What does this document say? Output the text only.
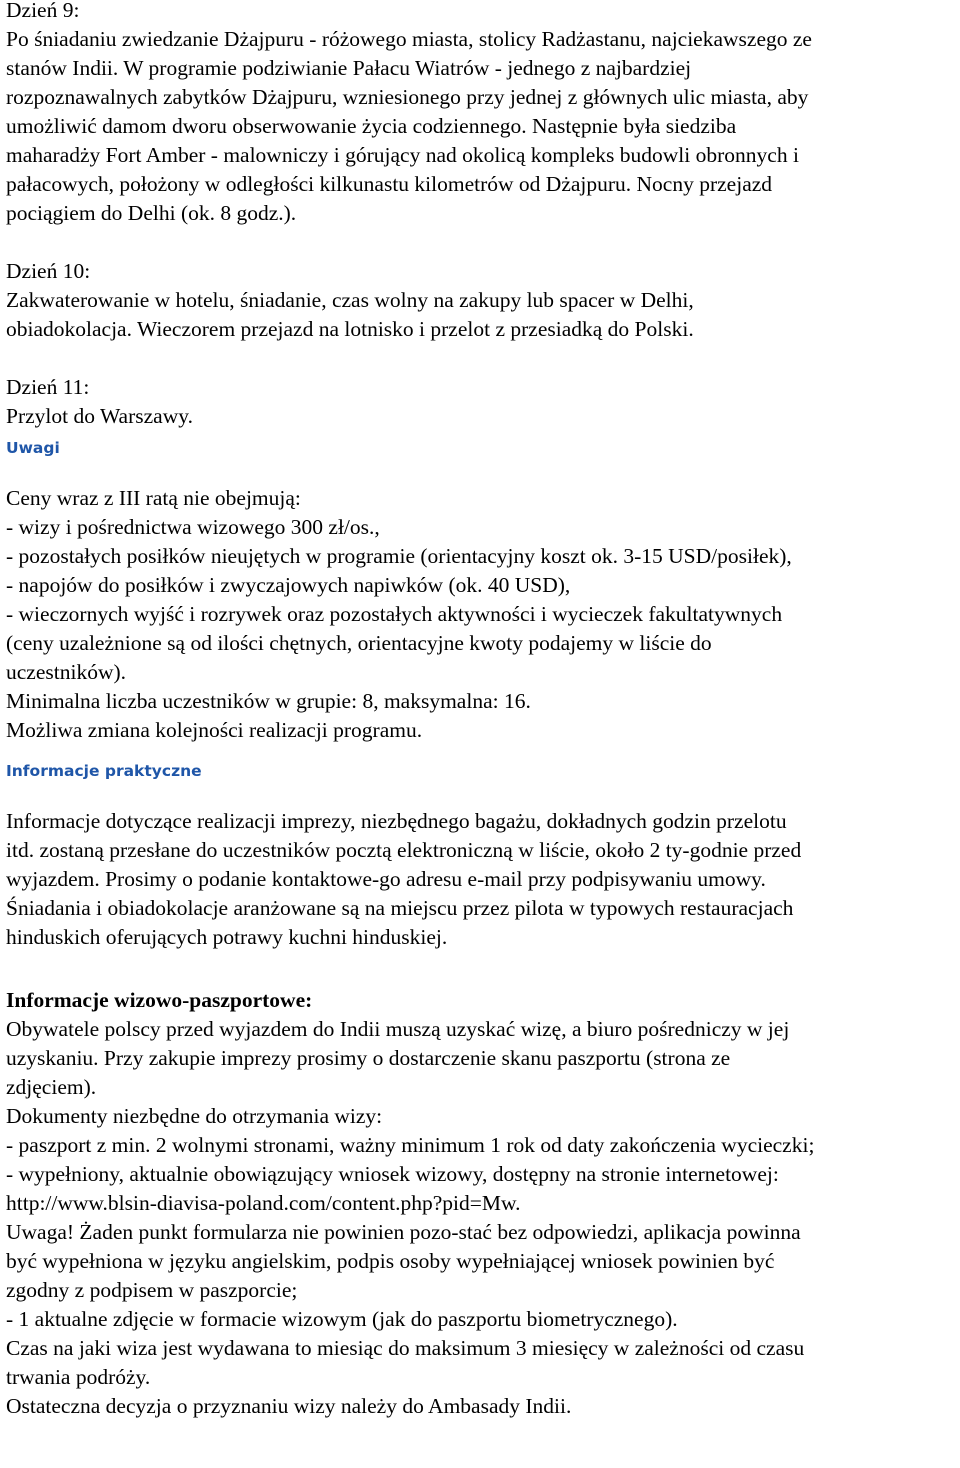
Dzień 9:
Po śniadaniu zwiedzanie Dżajpuru - różowego miasta, stolicy Radżastanu, najciekawszego ze
stanów Indii. W programie podziwianie Pałacu Wiatrów - jednego z najbardziej
rozpoznawalnych zabytków Dżajpuru, wzniesionego przy jednej z głównych ulic miasta, aby
umożliwić damom dworu obserwowanie życia codziennego. Następnie była siedziba
maharadży Fort Amber - malowniczy i górujący nad okolicą kompleks budowli obronnych i
pałacowych, położony w odległości kilkunastu kilometrów od Dżajpuru. Nocny przejazd
pociągiem do Delhi (ok. 8 godz.).
Dzień 10:
Zakwaterowanie w hotelu, śniadanie, czas wolny na zakupy lub spacer w Delhi,
obiadokolacja. Wieczorem przejazd na lotnisko i przelot z przesiadką do Polski.
Dzień 11:
Przylot do Warszawy.
Uwagi
Ceny wraz z III ratą nie obejmują:
- wizy i pośrednictwa wizowego 300 zł/os.,
- pozostałych posiłków nieujętych w programie (orientacyjny koszt ok. 3-15 USD/posiłek),
- napojów do posiłków i zwyczajowych napiwków (ok. 40 USD),
- wieczornych wyjść i rozrywek oraz pozostałych aktywności i wycieczek fakultatywnych
(ceny uzależnione są od ilości chętnych, orientacyjne kwoty podajemy w liście do
uczestników).
Minimalna liczba uczestników w grupie: 8, maksymalna: 16.
Możliwa zmiana kolejności realizacji programu.
Informacje praktyczne
Informacje dotyczące realizacji imprezy, niezbędnego bagażu, dokładnych godzin przelotu
itd. zostaną przesłane do uczestników pocztą elektroniczną w liście, około 2 ty-godnie przed
wyjazdem. Prosimy o podanie kontaktowe-go adresu e-mail przy podpisywaniu umowy.
Śniadania i obiadokolacje aranżowane są na miejscu przez pilota w typowych restauracjach
hinduskich oferujących potrawy kuchni hinduskiej.
Informacje wizowo-paszportowe:
Obywatele polscy przed wyjazdem do Indii muszą uzyskać wizę, a biuro pośredniczy w jej
uzyskaniu. Przy zakupie imprezy prosimy o dostarczenie skanu paszportu (strona ze
zdjęciem).
Dokumenty niezbędne do otrzymania wizy:
- paszport z min. 2 wolnymi stronami, ważny minimum 1 rok od daty zakończenia wycieczki;
- wypełniony, aktualnie obowiązujący wniosek wizowy, dostępny na stronie internetowej:
http://www.blsin-diavisa-poland.com/content.php?pid=Mw.
Uwaga! Żaden punkt formularza nie powinien pozo-stać bez odpowiedzi, aplikacja powinna
być wypełniona w języku angielskim, podpis osoby wypełniającej wniosek powinien być
zgodny z podpisem w paszporcie;
- 1 aktualne zdjęcie w formacie wizowym (jak do paszportu biometrycznego).
Czas na jaki wiza jest wydawana to miesiąc do maksimum 3 miesięcy w zależności od czasu
trwania podróży.
Ostateczna decyzja o przyznaniu wizy należy do Ambasady Indii.
